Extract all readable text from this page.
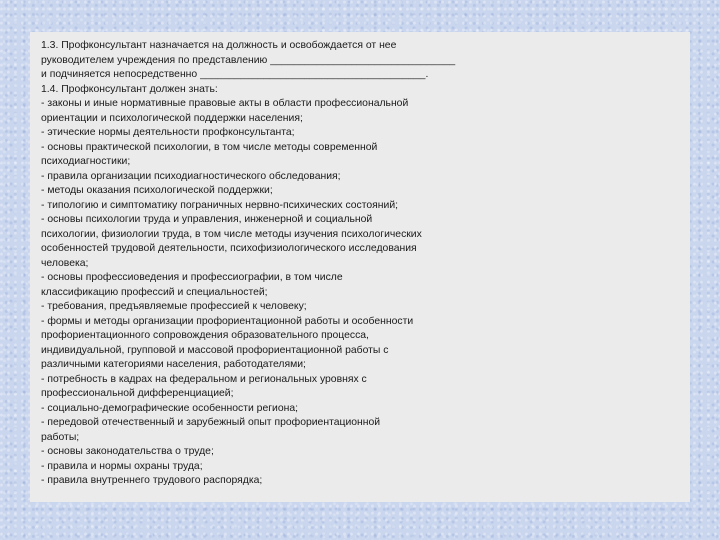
1.3. Профконсультант назначается на должность и освобождается от нее
руководителем учреждения по представлению ________________________________
и подчиняется непосредственно _______________________________________.
1.4. Профконсультант должен знать:
- законы и иные нормативные правовые акты в области профессиональной
ориентации и психологической поддержки населения;
- этические нормы деятельности профконсультанта;
- основы практической психологии, в том числе методы современной
психодиагностики;
- правила организации психодиагностического обследования;
- методы оказания психологической поддержки;
- типологию и симптоматику пограничных нервно-психических состояний;
- основы психологии труда и управления, инженерной и социальной
психологии, физиологии труда, в том числе методы изучения психологических
особенностей трудовой деятельности, психофизиологического исследования
человека;
- основы профессиоведения и профессиографии, в том числе
классификацию профессий и специальностей;
- требования, предъявляемые профессией к человеку;
- формы и методы организации профориентационной работы и особенности
профориентационного сопровождения образовательного процесса,
индивидуальной, групповой и массовой профориентационной работы с
различными категориями населения, работодателями;
- потребность в кадрах на федеральном и региональных уровнях с
профессиональной дифференциацией;
- социально-демографические особенности региона;
- передовой отечественный и зарубежный опыт профориентационной
работы;
- основы законодательства о труде;
- правила и нормы охраны труда;
- правила внутреннего трудового распорядка;
